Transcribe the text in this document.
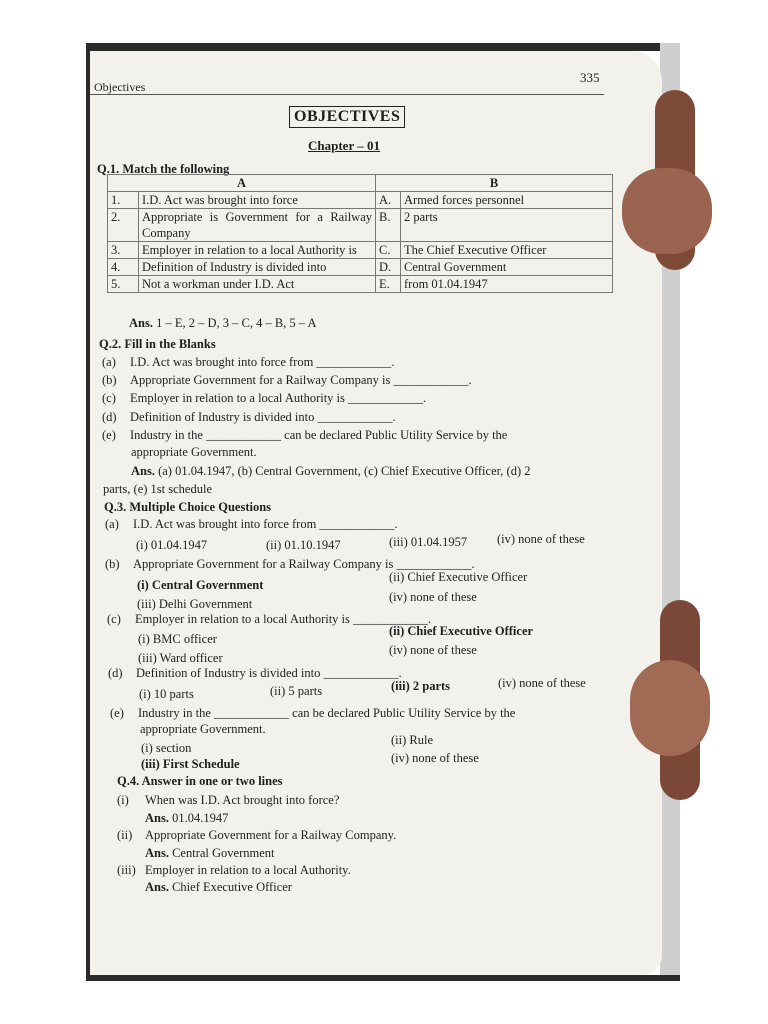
Objectives
335
OBJECTIVES
Chapter – 01
Q.1. Match the following
A		B	
1.	I.D. Act was brought into force	A.	Armed forces personnel
2.	Appropriate is Government for a Railway Company	B.	2 parts
3.	Employer in relation to a local Authority is	C.	The Chief Executive Officer
4.	Definition of Industry is divided into	D.	Central Government
5.	Not a workman under I.D. Act	E.	from 01.04.1947
Ans. 1 – E, 2 – D, 3 – C, 4 – B, 5 – A
Q.2. Fill in the Blanks
(a) I.D. Act was brought into force from ____________.
(b) Appropriate Government for a Railway Company is ____________.
(c) Employer in relation to a local Authority is ____________.
(d) Definition of Industry is divided into ____________.
(e) Industry in the ____________ can be declared Public Utility Service by the
appropriate Government.
Ans. (a) 01.04.1947, (b) Central Government, (c) Chief Executive Officer, (d) 2
parts, (e) 1st schedule
Q.3. Multiple Choice Questions
(a) I.D. Act was brought into force from ____________.
(i) 01.04.1947	(ii) 01.10.1947	(iii) 01.04.1957 (iv) none of these
(b) Appropriate Government for a Railway Company is ____________.
(i) Central Government
(ii) Chief Executive Officer
(iii) Delhi Government	(iv) none of these
(c) Employer in relation to a local Authority is ____________.
(i) BMC officer
(ii) Chief Executive Officer
(iii) Ward officer
(iv) none of these
(d) Definition of Industry is divided into ____________.
(i) 10 parts	(ii) 5 parts	(iii) 2 parts	(iv) none of these
(e) Industry in the ____________ can be declared Public Utility Service by the
appropriate Government.
(i) section
(ii) Rule
(iii) First Schedule	(iv) none of these
Q.4. Answer in one or two lines
(i) When was I.D. Act brought into force?
Ans. 01.04.1947
(ii) Appropriate Government for a Railway Company.
Ans. Central Government
(iii) Employer in relation to a local Authority.
Ans. Chief Executive Officer
